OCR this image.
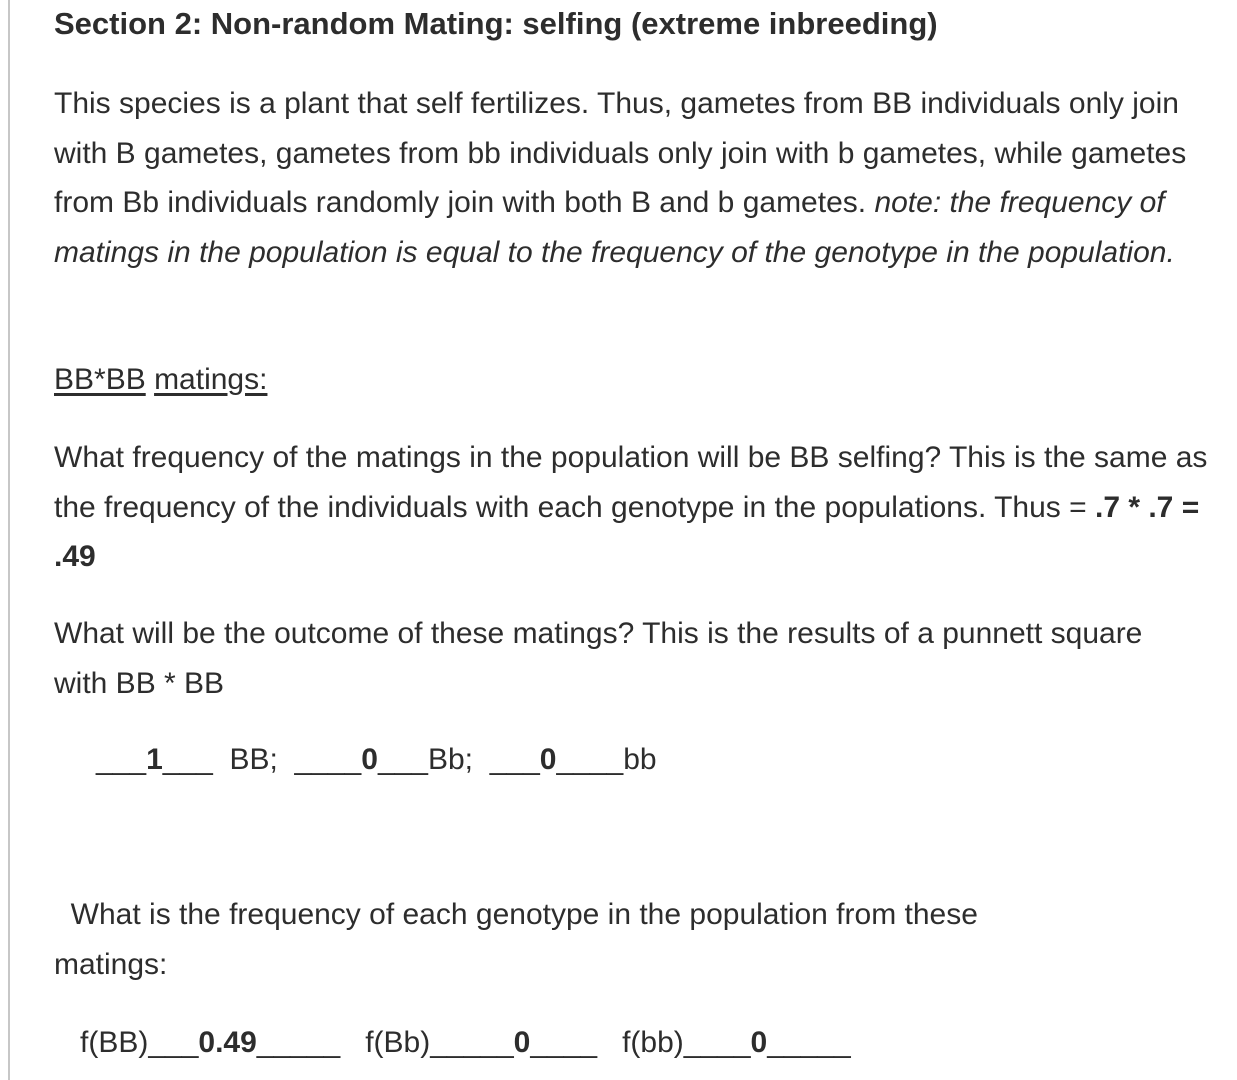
Section 2: Non-random Mating: selfing (extreme inbreeding)
This species is a plant that self fertilizes. Thus, gametes from BB individuals only join with B gametes, gametes from bb individuals only join with b gametes, while gametes from Bb individuals randomly join with both B and b gametes. note: the frequency of matings in the population is equal to the frequency of the genotype in the population.
BB*BB matings:
What frequency of the matings in the population will be BB selfing? This is the same as the frequency of the individuals with each genotype in the populations. Thus = .7 * .7 = .49
What will be the outcome of these matings? This is the results of a punnett square with BB * BB
___1___  BB;  ____0___Bb;  ___0____bb
What is the frequency of each genotype in the population from these
matings:
f(BB)___0.49_____   f(Bb)_____0____   f(bb)____0_____
